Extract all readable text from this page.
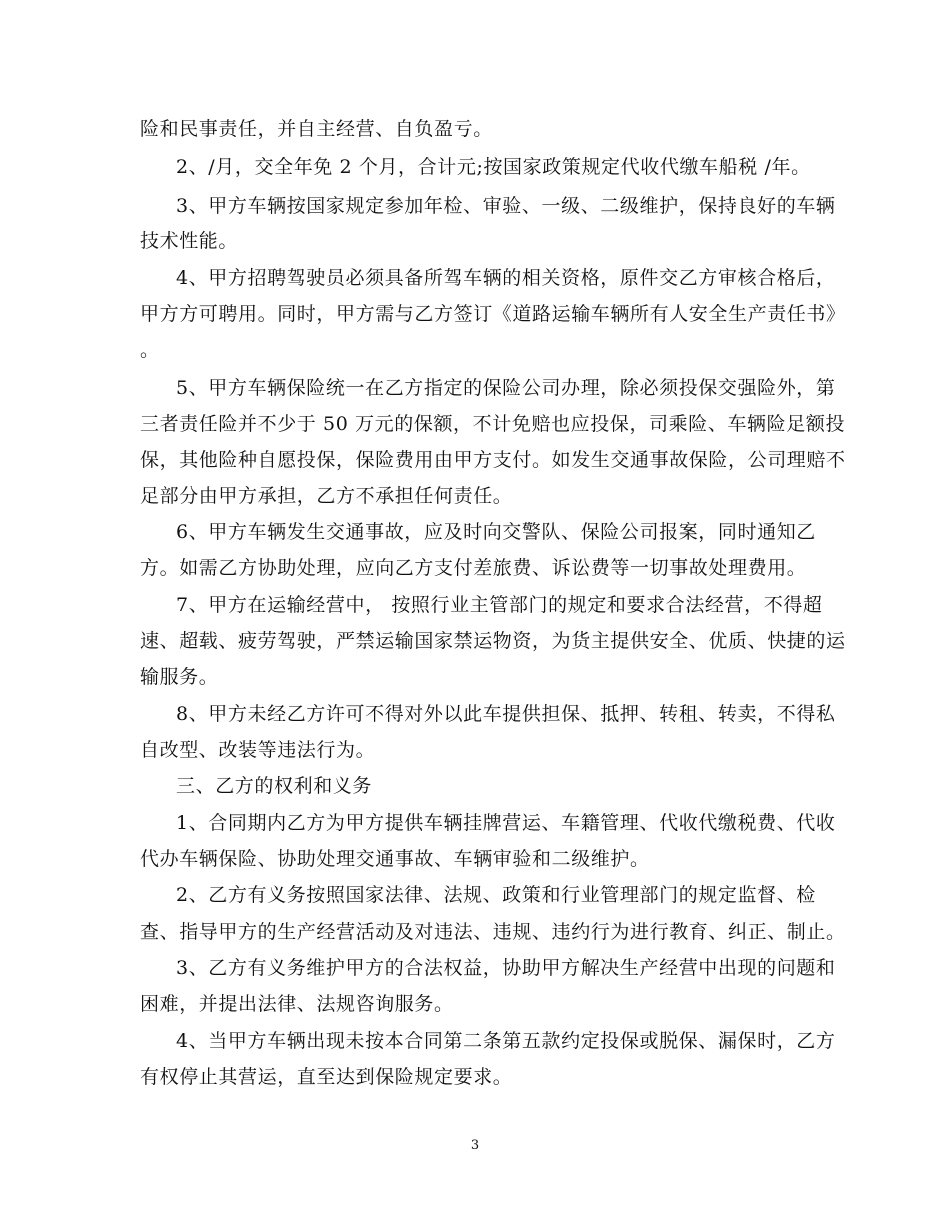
险和民事责任，并自主经营、自负盈亏。
2、/月，交全年免 2 个月，合计元;按国家政策规定代收代缴车船税 /年。
3、甲方车辆按国家规定参加年检、审验、一级、二级维护，保持良好的车辆
技术性能。
4、甲方招聘驾驶员必须具备所驾车辆的相关资格，原件交乙方审核合格后，
甲方方可聘用。同时，甲方需与乙方签订《道路运输车辆所有人安全生产责任书》
。
5、甲方车辆保险统一在乙方指定的保险公司办理，除必须投保交强险外，第
三者责任险并不少于 50 万元的保额，不计免赔也应投保，司乘险、车辆险足额投
保，其他险种自愿投保，保险费用由甲方支付。如发生交通事故保险，公司理赔不
足部分由甲方承担，乙方不承担任何责任。
6、甲方车辆发生交通事故，应及时向交警队、保险公司报案，同时通知乙
方。如需乙方协助处理，应向乙方支付差旅费、诉讼费等一切事故处理费用。
7、甲方在运输经营中， 按照行业主管部门的规定和要求合法经营，不得超
速、超载、疲劳驾驶，严禁运输国家禁运物资，为货主提供安全、优质、快捷的运
输服务。
8、甲方未经乙方许可不得对外以此车提供担保、抵押、转租、转卖，不得私
自改型、改装等违法行为。
三、乙方的权利和义务
1、合同期内乙方为甲方提供车辆挂牌营运、车籍管理、代收代缴税费、代收
代办车辆保险、协助处理交通事故、车辆审验和二级维护。
2、乙方有义务按照国家法律、法规、政策和行业管理部门的规定监督、检
查、指导甲方的生产经营活动及对违法、违规、违约行为进行教育、纠正、制止。
3、乙方有义务维护甲方的合法权益，协助甲方解决生产经营中出现的问题和
困难，并提出法律、法规咨询服务。
4、当甲方车辆出现未按本合同第二条第五款约定投保或脱保、漏保时，乙方
有权停止其营运，直至达到保险规定要求。
3
